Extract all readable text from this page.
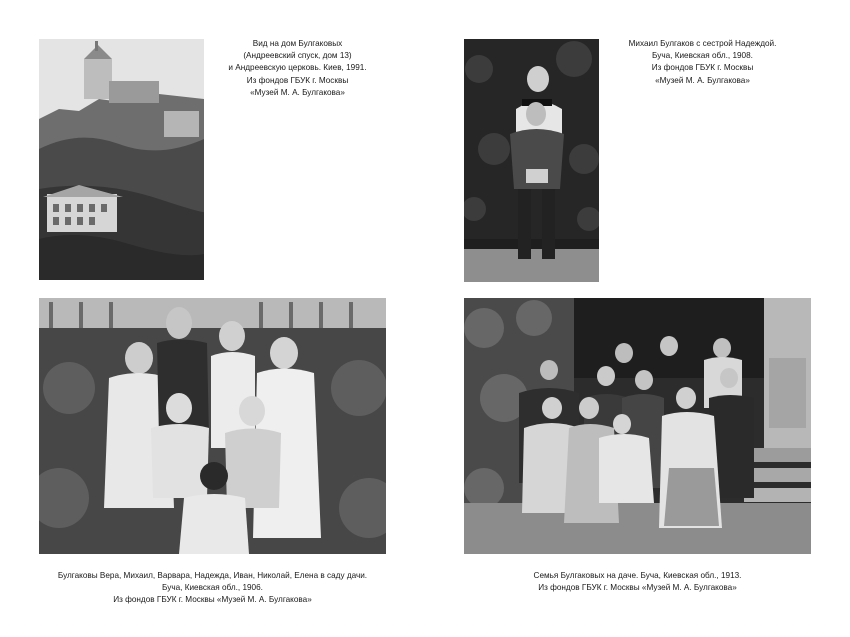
Вид на дом Булгаковых
(Андреевский спуск, дом 13)
и Андреевскую церковь. Киев, 1991.
Из фондов ГБУК г. Москвы
«Музей М. А. Булгакова»
Михаил Булгаков с сестрой Надеждой.
Буча, Киевская обл., 1908.
Из фондов ГБУК г. Москвы
«Музей М. А. Булгакова»
Булгаковы Вера, Михаил, Варвара, Надежда, Иван, Николай, Елена в саду дачи.
Буча, Киевская обл., 1906.
Из фондов ГБУК г. Москвы «Музей М. А. Булгакова»
Семья Булгаковых на даче. Буча, Киевская обл., 1913.
Из фондов ГБУК г. Москвы «Музей М. А. Булгакова»
